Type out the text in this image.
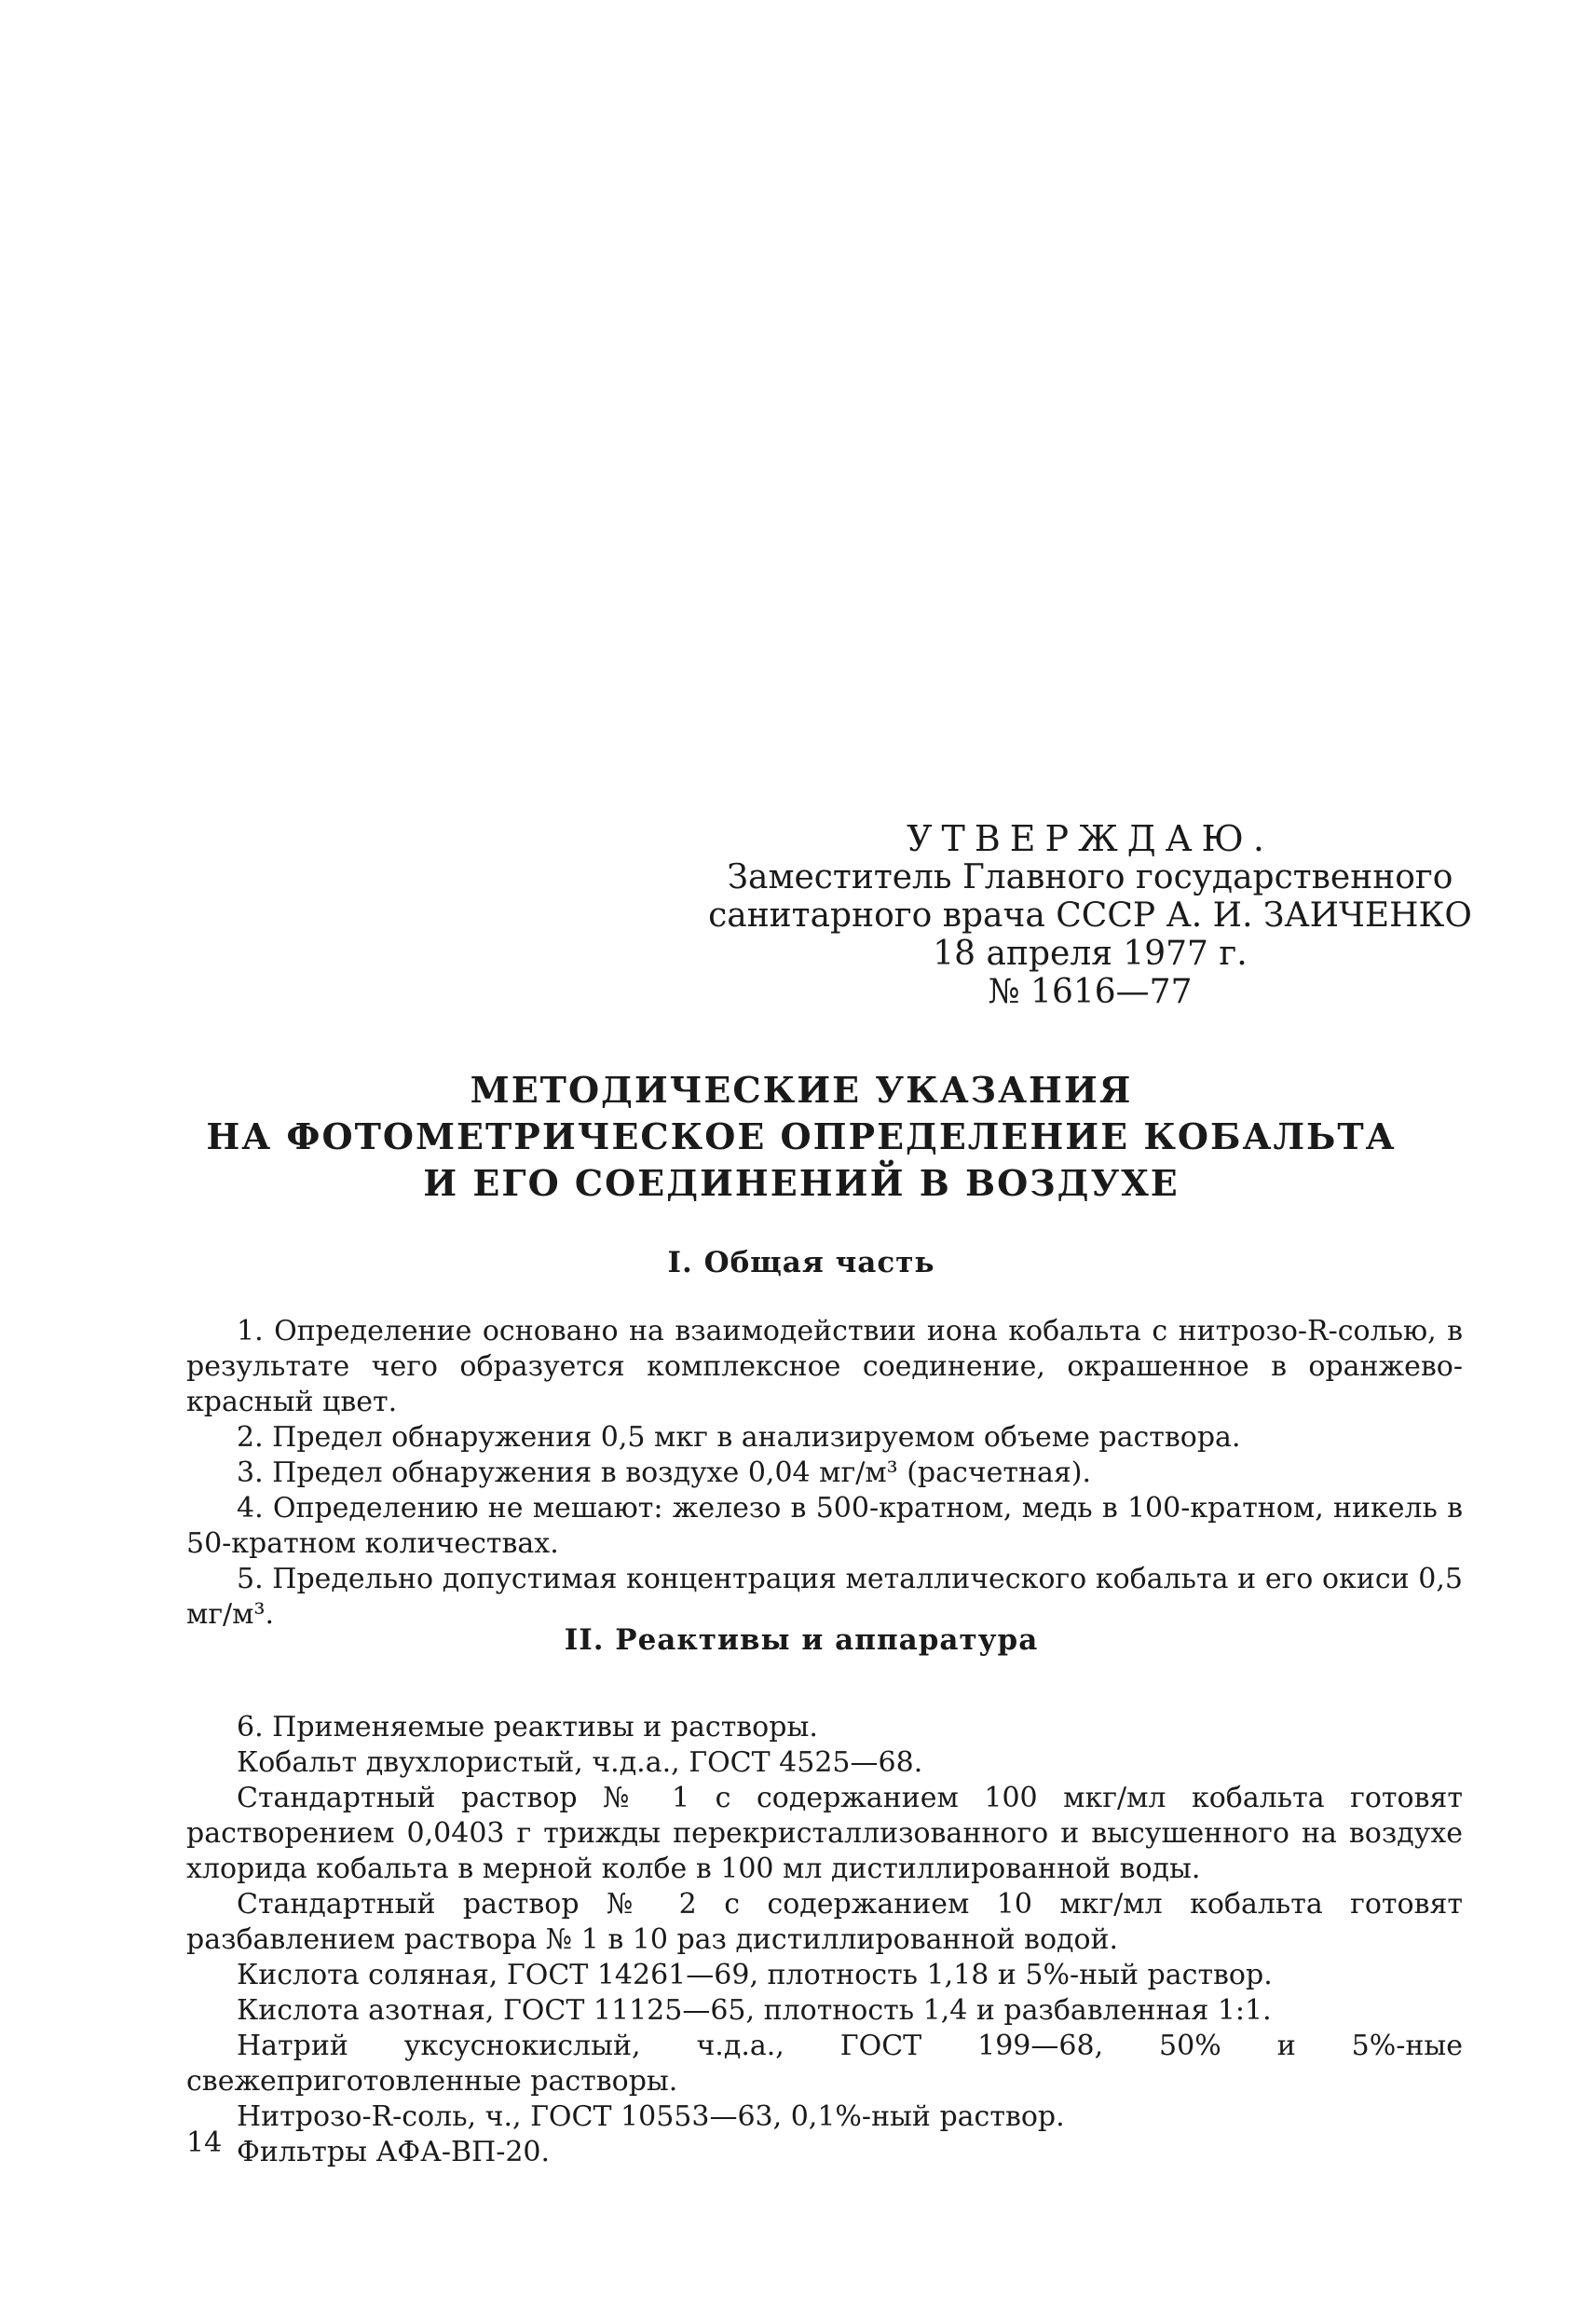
УТВЕРЖДАЮ.
Заместитель Главного государственного
санитарного врача СССР А. И. ЗАИЧЕНКО
18 апреля 1977 г.
№ 1616—77
МЕТОДИЧЕСКИЕ УКАЗАНИЯ
НА ФОТОМЕТРИЧЕСКОЕ ОПРЕДЕЛЕНИЕ КОБАЛЬТА
И ЕГО СОЕДИНЕНИЙ В ВОЗДУХЕ
I. Общая часть

1. Определение основано на взаимодействии иона кобальта с нитрозо-R-солью, в результате чего образуется комплексное соединение, окрашенное в оранжево-красный цвет.

2. Предел обнаружения 0,5 мкг в анализируемом объеме раствора.

3. Предел обнаружения в воздухе 0,04 мг/м³ (расчетная).

4. Определению не мешают: железо в 500-кратном, медь в 100-кратном, никель в 50-кратном количествах.

5. Предельно допустимая концентрация металлического кобальта и его окиси 0,5 мг/м³.

II. Реактивы и аппаратура

6. Применяемые реактивы и растворы.

Кобальт двухлористый, ч.д.а., ГОСТ 4525—68.

Стандартный раствор № 1 с содержанием 100 мкг/мл кобальта готовят растворением 0,0403 г трижды перекристаллизованного и высушенного на воздухе хлорида кобальта в мерной колбе в 100 мл дистиллированной воды.

Стандартный раствор № 2 с содержанием 10 мкг/мл кобальта готовят разбавлением раствора № 1 в 10 раз дистиллированной водой.

Кислота соляная, ГОСТ 14261—69, плотность 1,18 и 5%-ный раствор.

Кислота азотная, ГОСТ 11125—65, плотность 1,4 и разбавленная 1:1.

Натрий уксуснокислый, ч.д.а., ГОСТ 199—68, 50% и 5%-ные свежеприготовленные растворы.

Нитрозо-R-соль, ч., ГОСТ 10553—63, 0,1%-ный раствор.

Фильтры АФА-ВП-20.

14
